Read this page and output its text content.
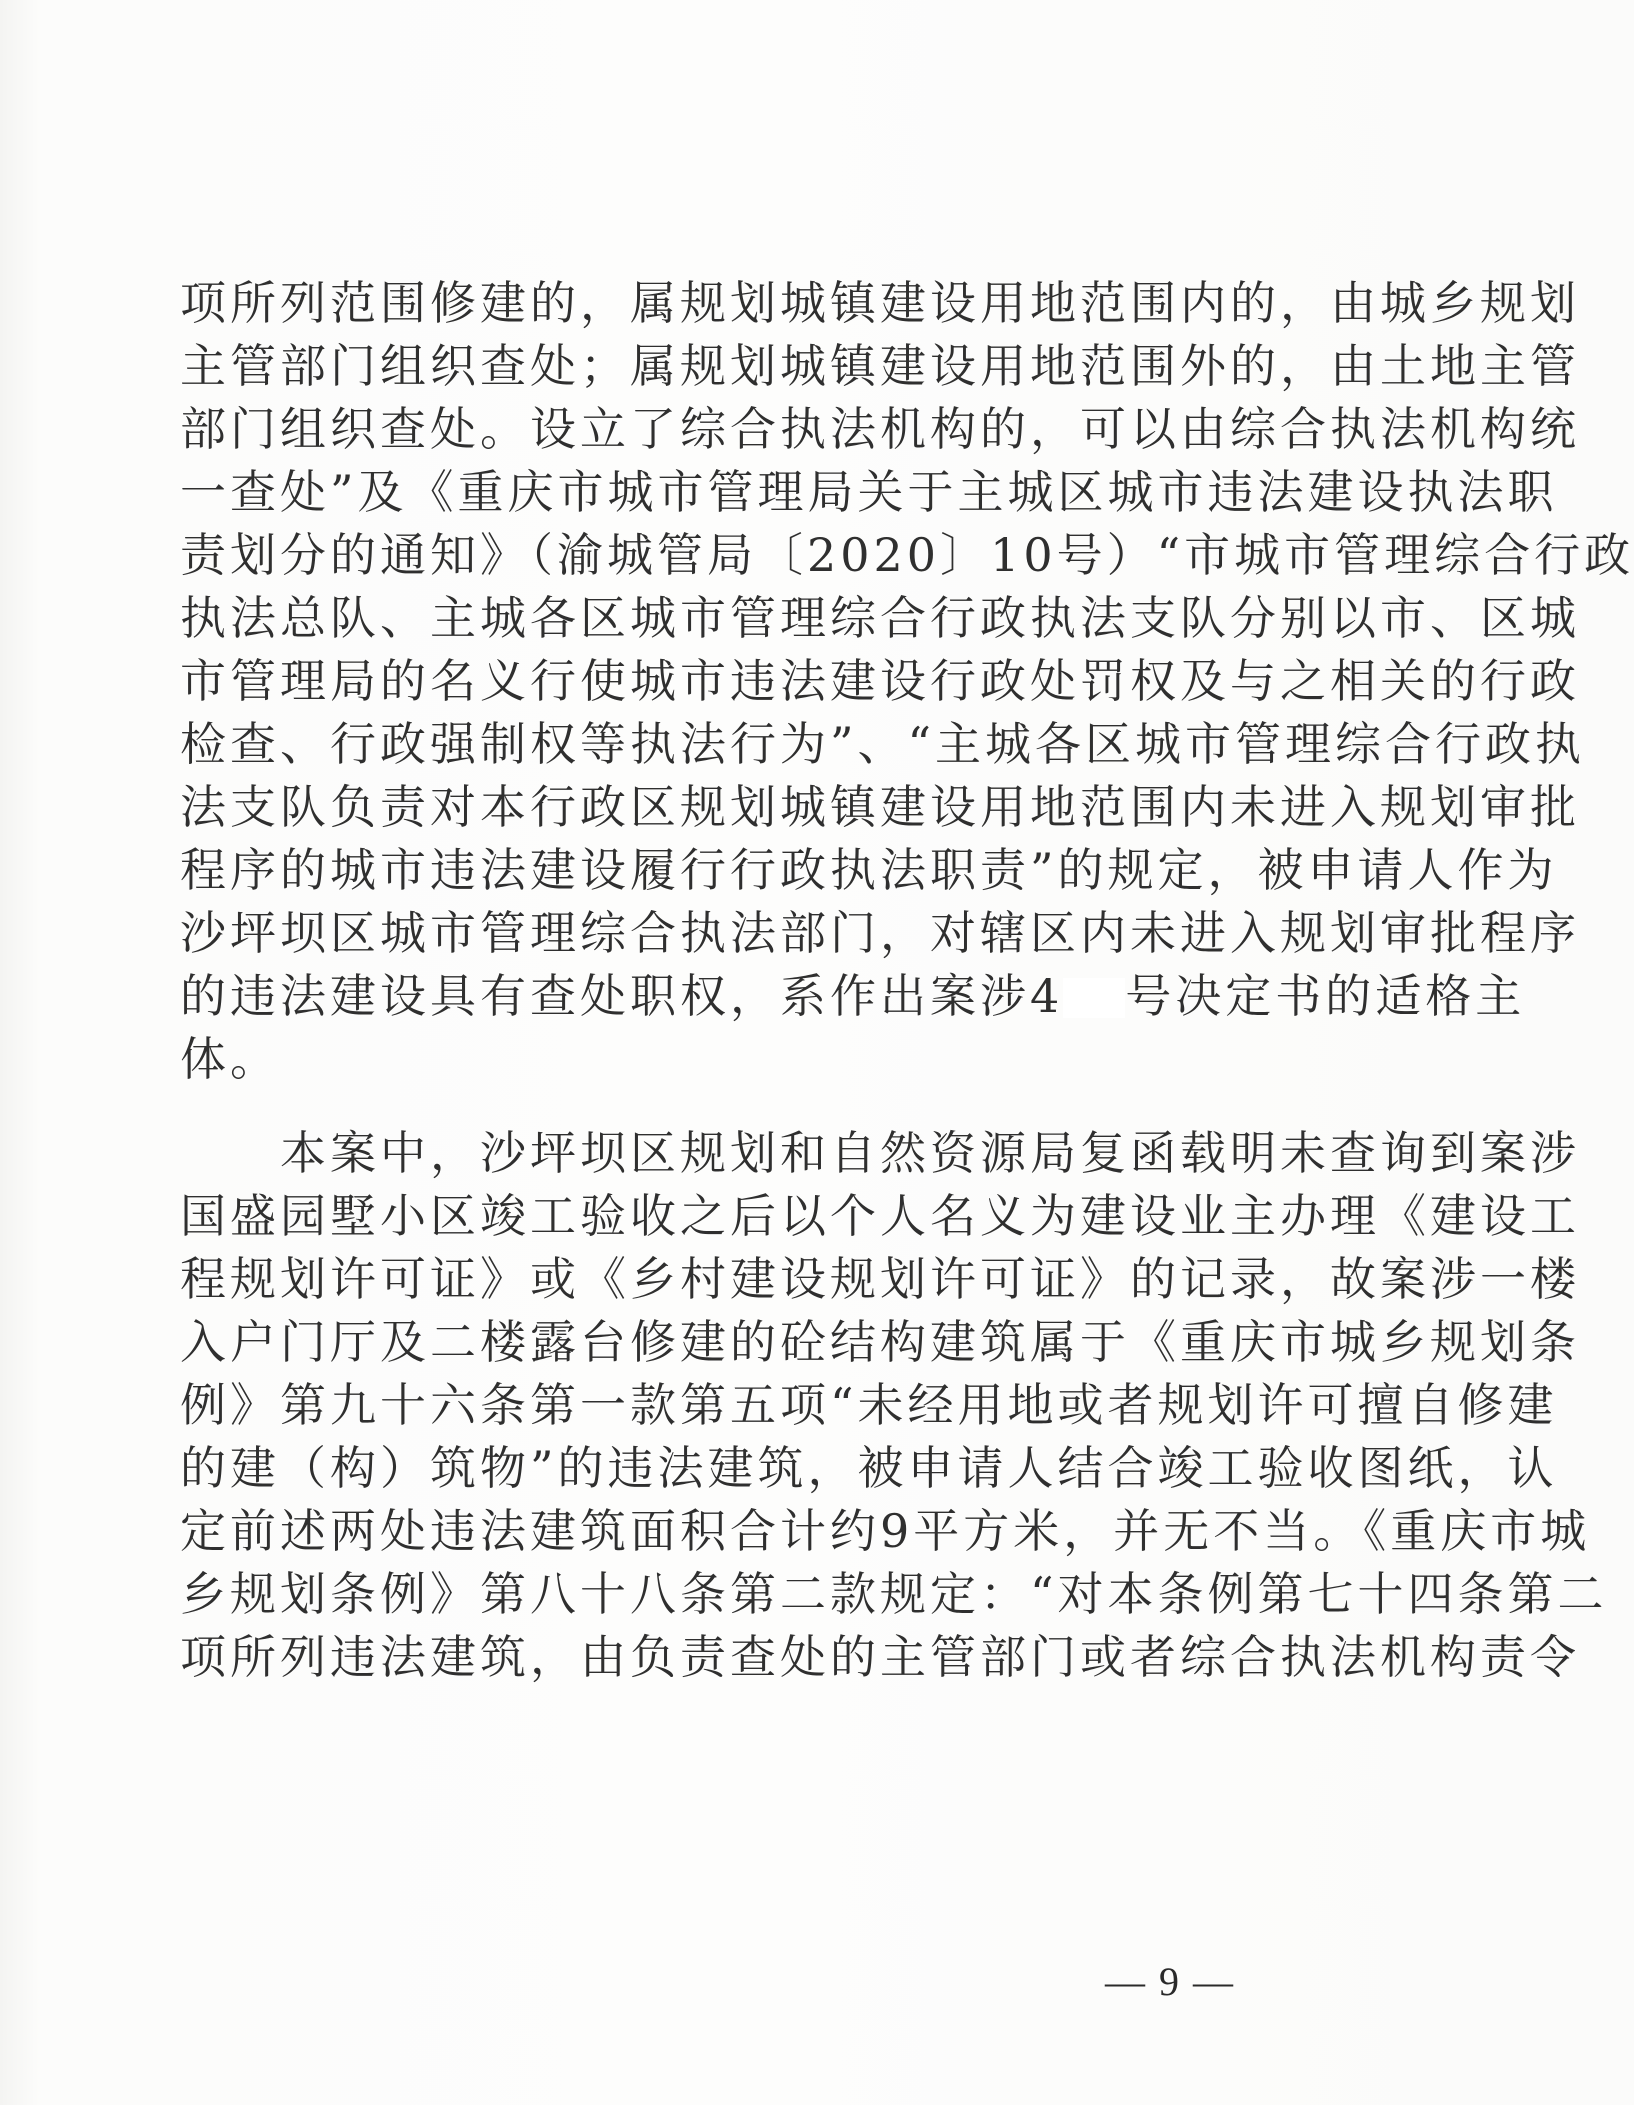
项所列范围修建的，属规划城镇建设用地范围内的，由城乡规划
主管部门组织查处；属规划城镇建设用地范围外的，由土地主管
部门组织查处。设立了综合执法机构的，可以由综合执法机构统
一查处”及《重庆市城市管理局关于主城区城市违法建设执法职
责划分的通知》（渝城管局〔2020〕10号）“市城市管理综合行政
执法总队、主城各区城市管理综合行政执法支队分别以市、区城
市管理局的名义行使城市违法建设行政处罚权及与之相关的行政
检查、行政强制权等执法行为”、“主城各区城市管理综合行政执
法支队负责对本行政区规划城镇建设用地范围内未进入规划审批
程序的城市违法建设履行行政执法职责”的规定，被申请人作为
沙坪坝区城市管理综合执法部门，对辖区内未进入规划审批程序
的违法建设具有查处职权，系作出案涉4 号决定书的适格主
体。
　　本案中，沙坪坝区规划和自然资源局复函载明未查询到案涉
国盛园墅小区竣工验收之后以个人名义为建设业主办理《建设工
程规划许可证》或《乡村建设规划许可证》的记录，故案涉一楼
入户门厅及二楼露台修建的砼结构建筑属于《重庆市城乡规划条
例》第九十六条第一款第五项“未经用地或者规划许可擅自修建
的建（构）筑物”的违法建筑，被申请人结合竣工验收图纸，认
定前述两处违法建筑面积合计约9平方米，并无不当。《重庆市城
乡规划条例》第八十八条第二款规定：“对本条例第七十四条第二
项所列违法建筑，由负责查处的主管部门或者综合执法机构责令
— 9 —
